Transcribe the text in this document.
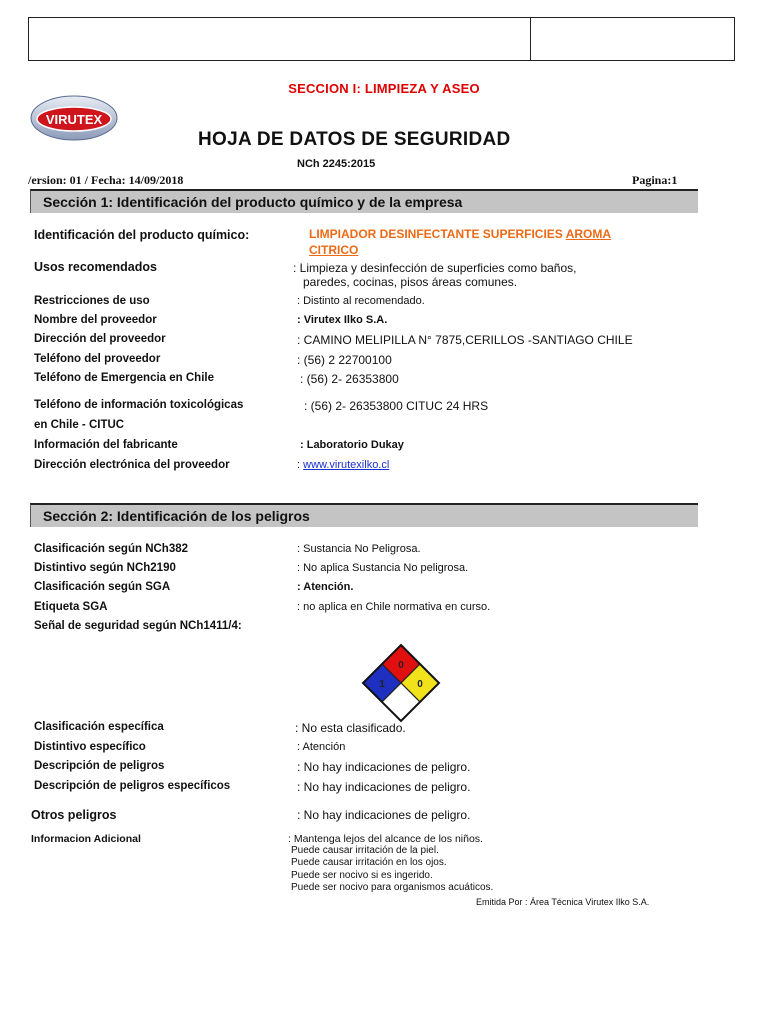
SECCION I: LIMPIEZA Y ASEO
VIRUTEX
HOJA DE DATOS DE SEGURIDAD
NCh 2245:2015
/ersion: 01 / Fecha: 14/09/2018	Pagina:1
Sección 1: Identificación del producto químico y de la empresa
Identificación del producto químico:	LIMPIADOR DESINFECTANTE SUPERFICIES AROMA
CITRICO
Usos recomendados	: Limpieza y desinfección de superficies como baños,
paredes, cocinas, pisos áreas comunes.
Restricciones de uso	: Distinto al recomendado.
Nombre del proveedor	: Virutex Ilko S.A.
Dirección del proveedor	: CAMINO MELIPILLA N° 7875,CERILLOS -SANTIAGO CHILE
Teléfono del proveedor	: (56) 2 22700100
Teléfono de Emergencia en Chile	: (56) 2- 26353800
Teléfono de información toxicológicas	: (56) 2- 26353800 CITUC 24 HRS
en Chile - CITUC
Información del fabricante	: Laboratorio Dukay
Dirección electrónica del proveedor	: www.virutexilko.cl
Sección 2: Identificación de los peligros
Clasificación según NCh382	: Sustancia No Peligrosa.
Distintivo según NCh2190	: No aplica Sustancia No peligrosa.
Clasificación según SGA	: Atención.
Etiqueta SGA	: no aplica en Chile normativa en curso.
Señal de seguridad según NCh1411/4:
0
1	0
Clasificación específica	: No esta clasificado.
Distintivo específico	: Atención
Descripción de peligros	: No hay indicaciones de peligro.
Descripción de peligros específicos	: No hay indicaciones de peligro.
Otros peligros	: No hay indicaciones de peligro.
Informacion Adicional	: Mantenga lejos del alcance de los niños.
Puede causar irritación de la piel.
Puede causar irritación en los ojos.
Puede ser nocivo si es ingerido.
Puede ser nocivo para organismos acuáticos.
Emitida Por : Área Técnica Virutex Ilko S.A.
